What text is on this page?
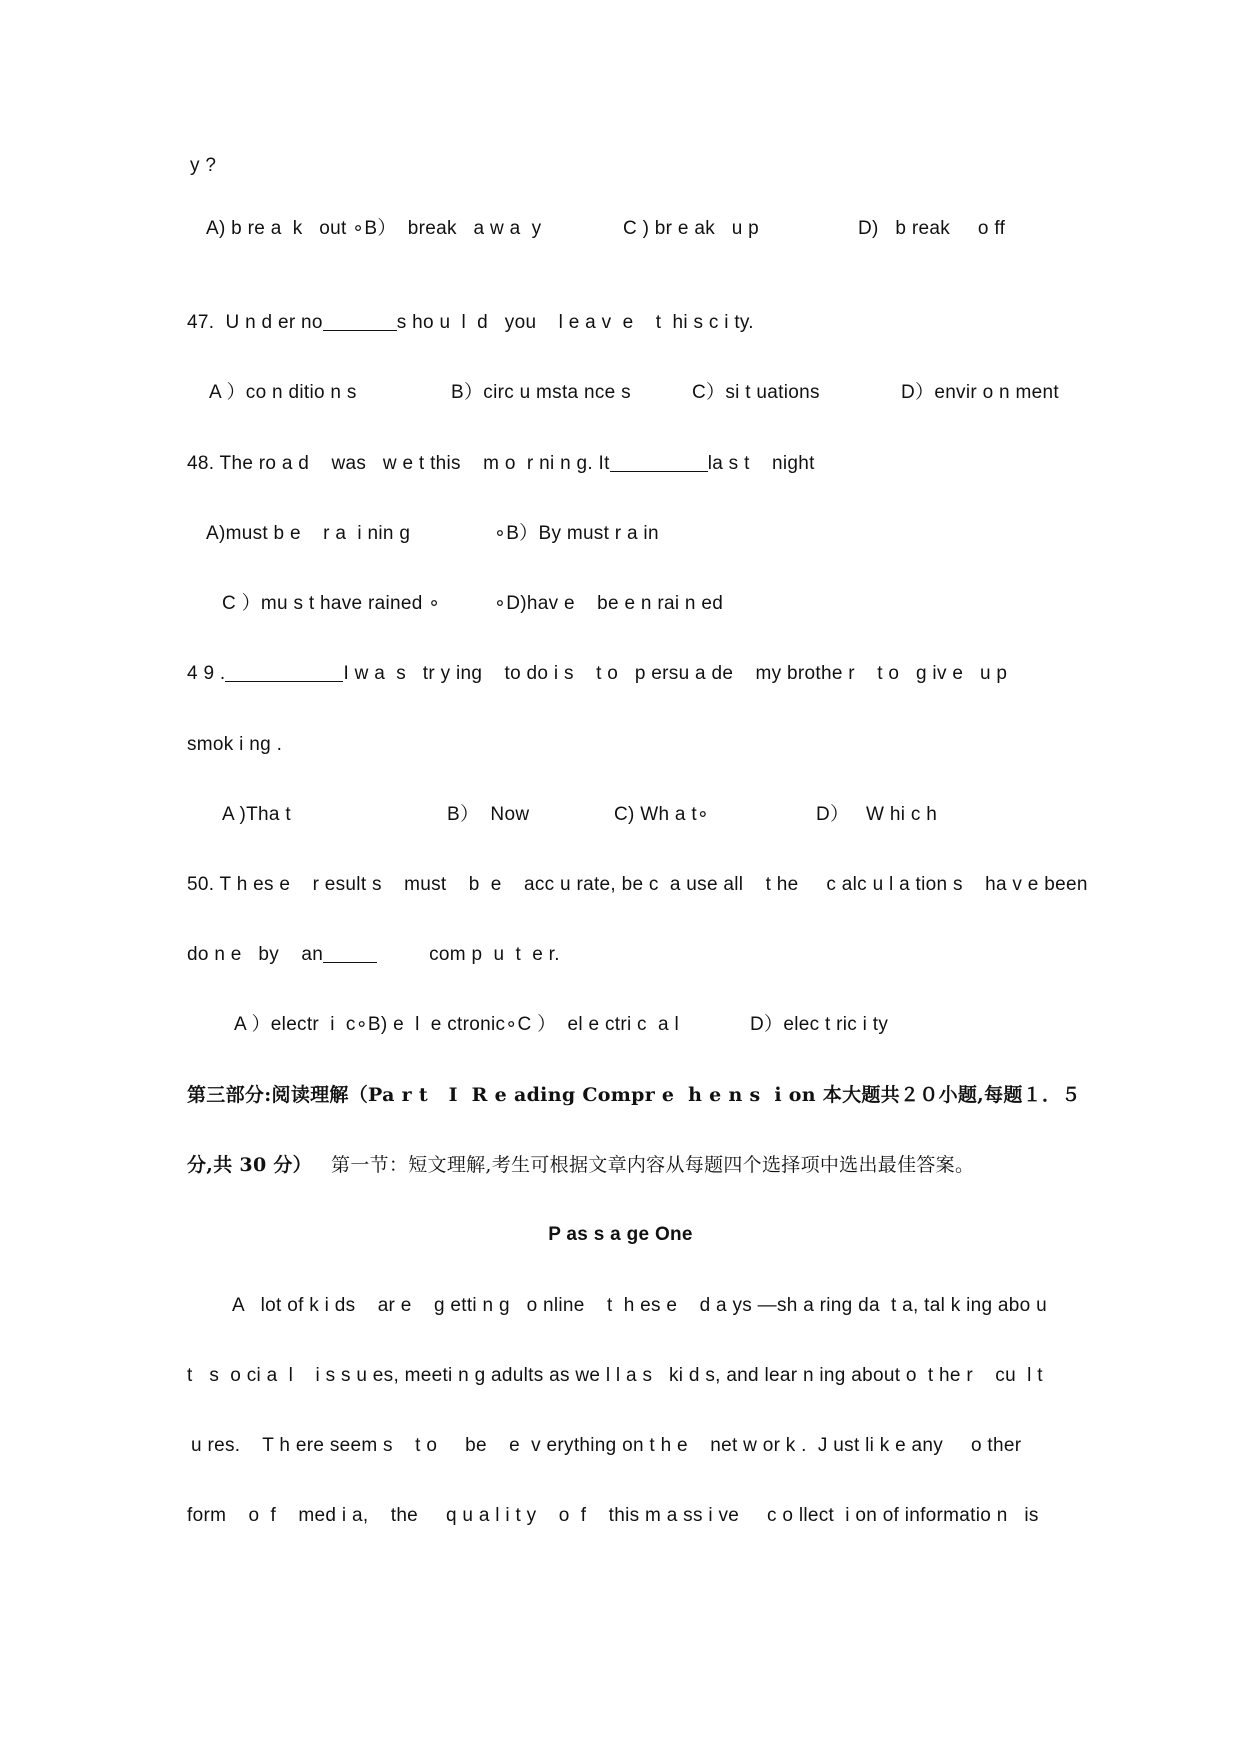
y ?
A) b re a  k   out ∘B）  break   a w a  y	C ) br e ak   u p	D)   b reak     o ff
47.  U n d er no	s ho u  l  d   you    l e a v  e    t  hi s c i ty.
A ）co n ditio n s	B）circ u msta nce s	C）si t uations	D）envir o n ment
48. The ro a d    was   w e t this    m o  r ni n g. It	la s t    night
A)must b e    r a  i nin g	∘B）By must r a in
C ）mu s t have rained ∘	∘D)hav e    be e n rai n ed
4 9 .	I w a  s   tr y ing    to do i s    t o   p ersu a de    my brothe r    t o   g iv e   u p
smok i ng .
A )Tha t	B）  Now	C) Wh a t∘	D）   W hi c h
50. T h es e    r esult s    must    b  e    acc u rate, be c  a use all    t he     c alc u l a tion s    ha v e been
do n e   by    an	com p  u  t  e r.
A ）electr  i  c∘B) e  l  e ctronic∘C ）  el e ctri c  a l	D）elec t ric i ty
第三部分:阅读理解（Pa r t   I  R e ading Compr e  h e n s  i on 本大题共２０小题,每题１．５
分,共 30 分） 第一节：短文理解,考生可根据文章内容从每题四个选择项中选出最佳答案。
P as s a ge One
A   lot of k i ds    ar e    g etti n g   o nline    t  h es e    d a ys —sh a ring da  t a, tal k ing abo u
t   s  o ci a  l    i s s u es, meeti n g adults as we l l a s   ki d s, and lear n ing about o  t he r    cu  l t
u res.    T h ere seem s    t o     be    e  v erything on t h e    net w or k .  J ust li k e any     o ther
form    o  f    med i a,    the     q u a l i t y    o  f    this m a ss i ve     c o llect  i on of informatio n   is
